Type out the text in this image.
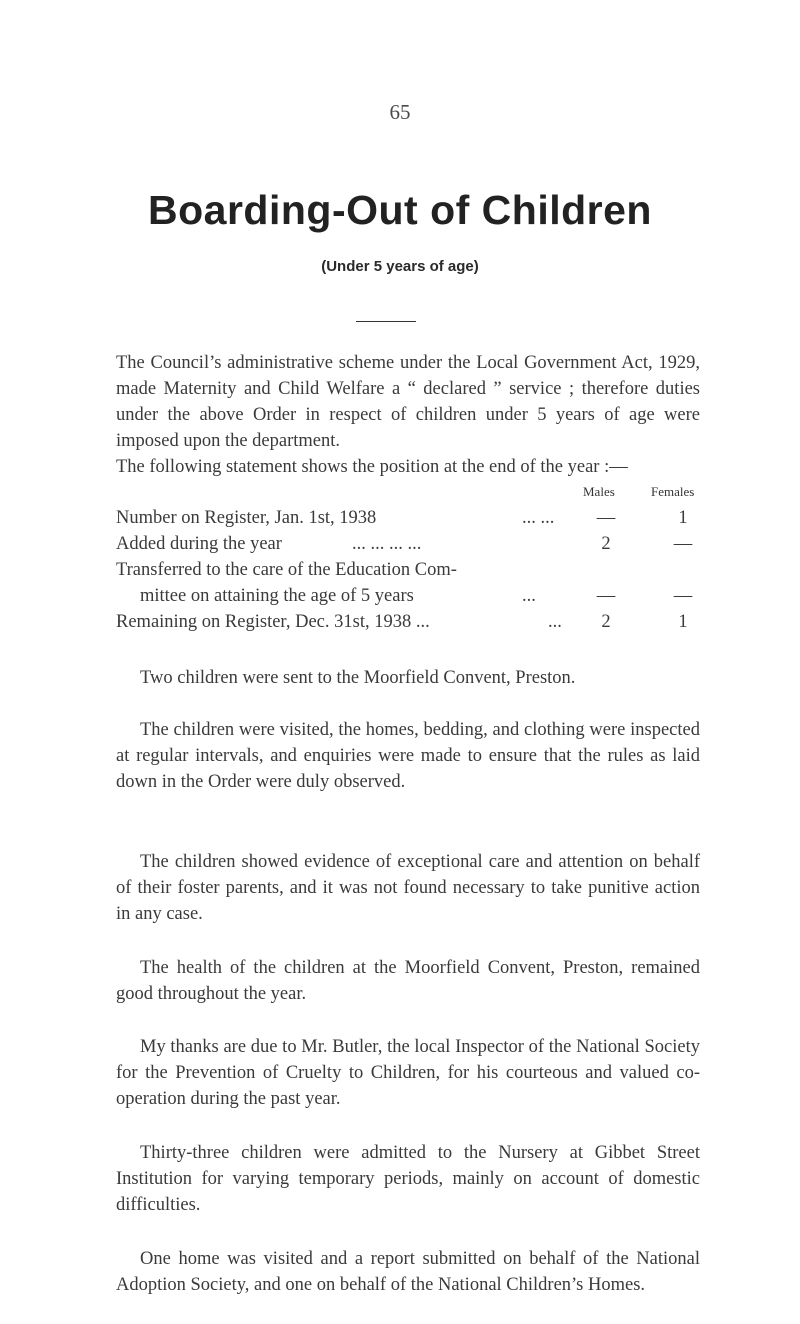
65
Boarding-Out of Children
(Under 5 years of age)

The Council’s administrative scheme under the Local Government Act, 1929, made Maternity and Child Welfare a “ declared ” service ; therefore duties under the above Order in respect of children under 5 years of age were imposed upon the department.

The following statement shows the position at the end of the year :—

Males	Females
Number on Register, Jan. 1st, 1938	... ...	—	1
Added during the year	... ... ... ...	2	—
Transferred to the care of the Education Com-
mittee on attaining the age of 5 years	...	—	—
Remaining on Register, Dec. 31st, 1938 ...	...	2	1

Two children were sent to the Moorfield Convent, Preston.

The children were visited, the homes, bedding, and clothing were inspected at regular intervals, and enquiries were made to ensure that the rules as laid down in the Order were duly observed.

The children showed evidence of exceptional care and attention on behalf of their foster parents, and it was not found necessary to take punitive action in any case.

The health of the children at the Moorfield Convent, Preston, remained good throughout the year.

My thanks are due to Mr. Butler, the local Inspector of the National Society for the Prevention of Cruelty to Children, for his courteous and valued co-operation during the past year.

Thirty-three children were admitted to the Nursery at Gibbet Street Institution for varying temporary periods, mainly on account of domestic difficulties.

One home was visited and a report submitted on behalf of the National Adoption Society, and one on behalf of the National Children’s Homes.
